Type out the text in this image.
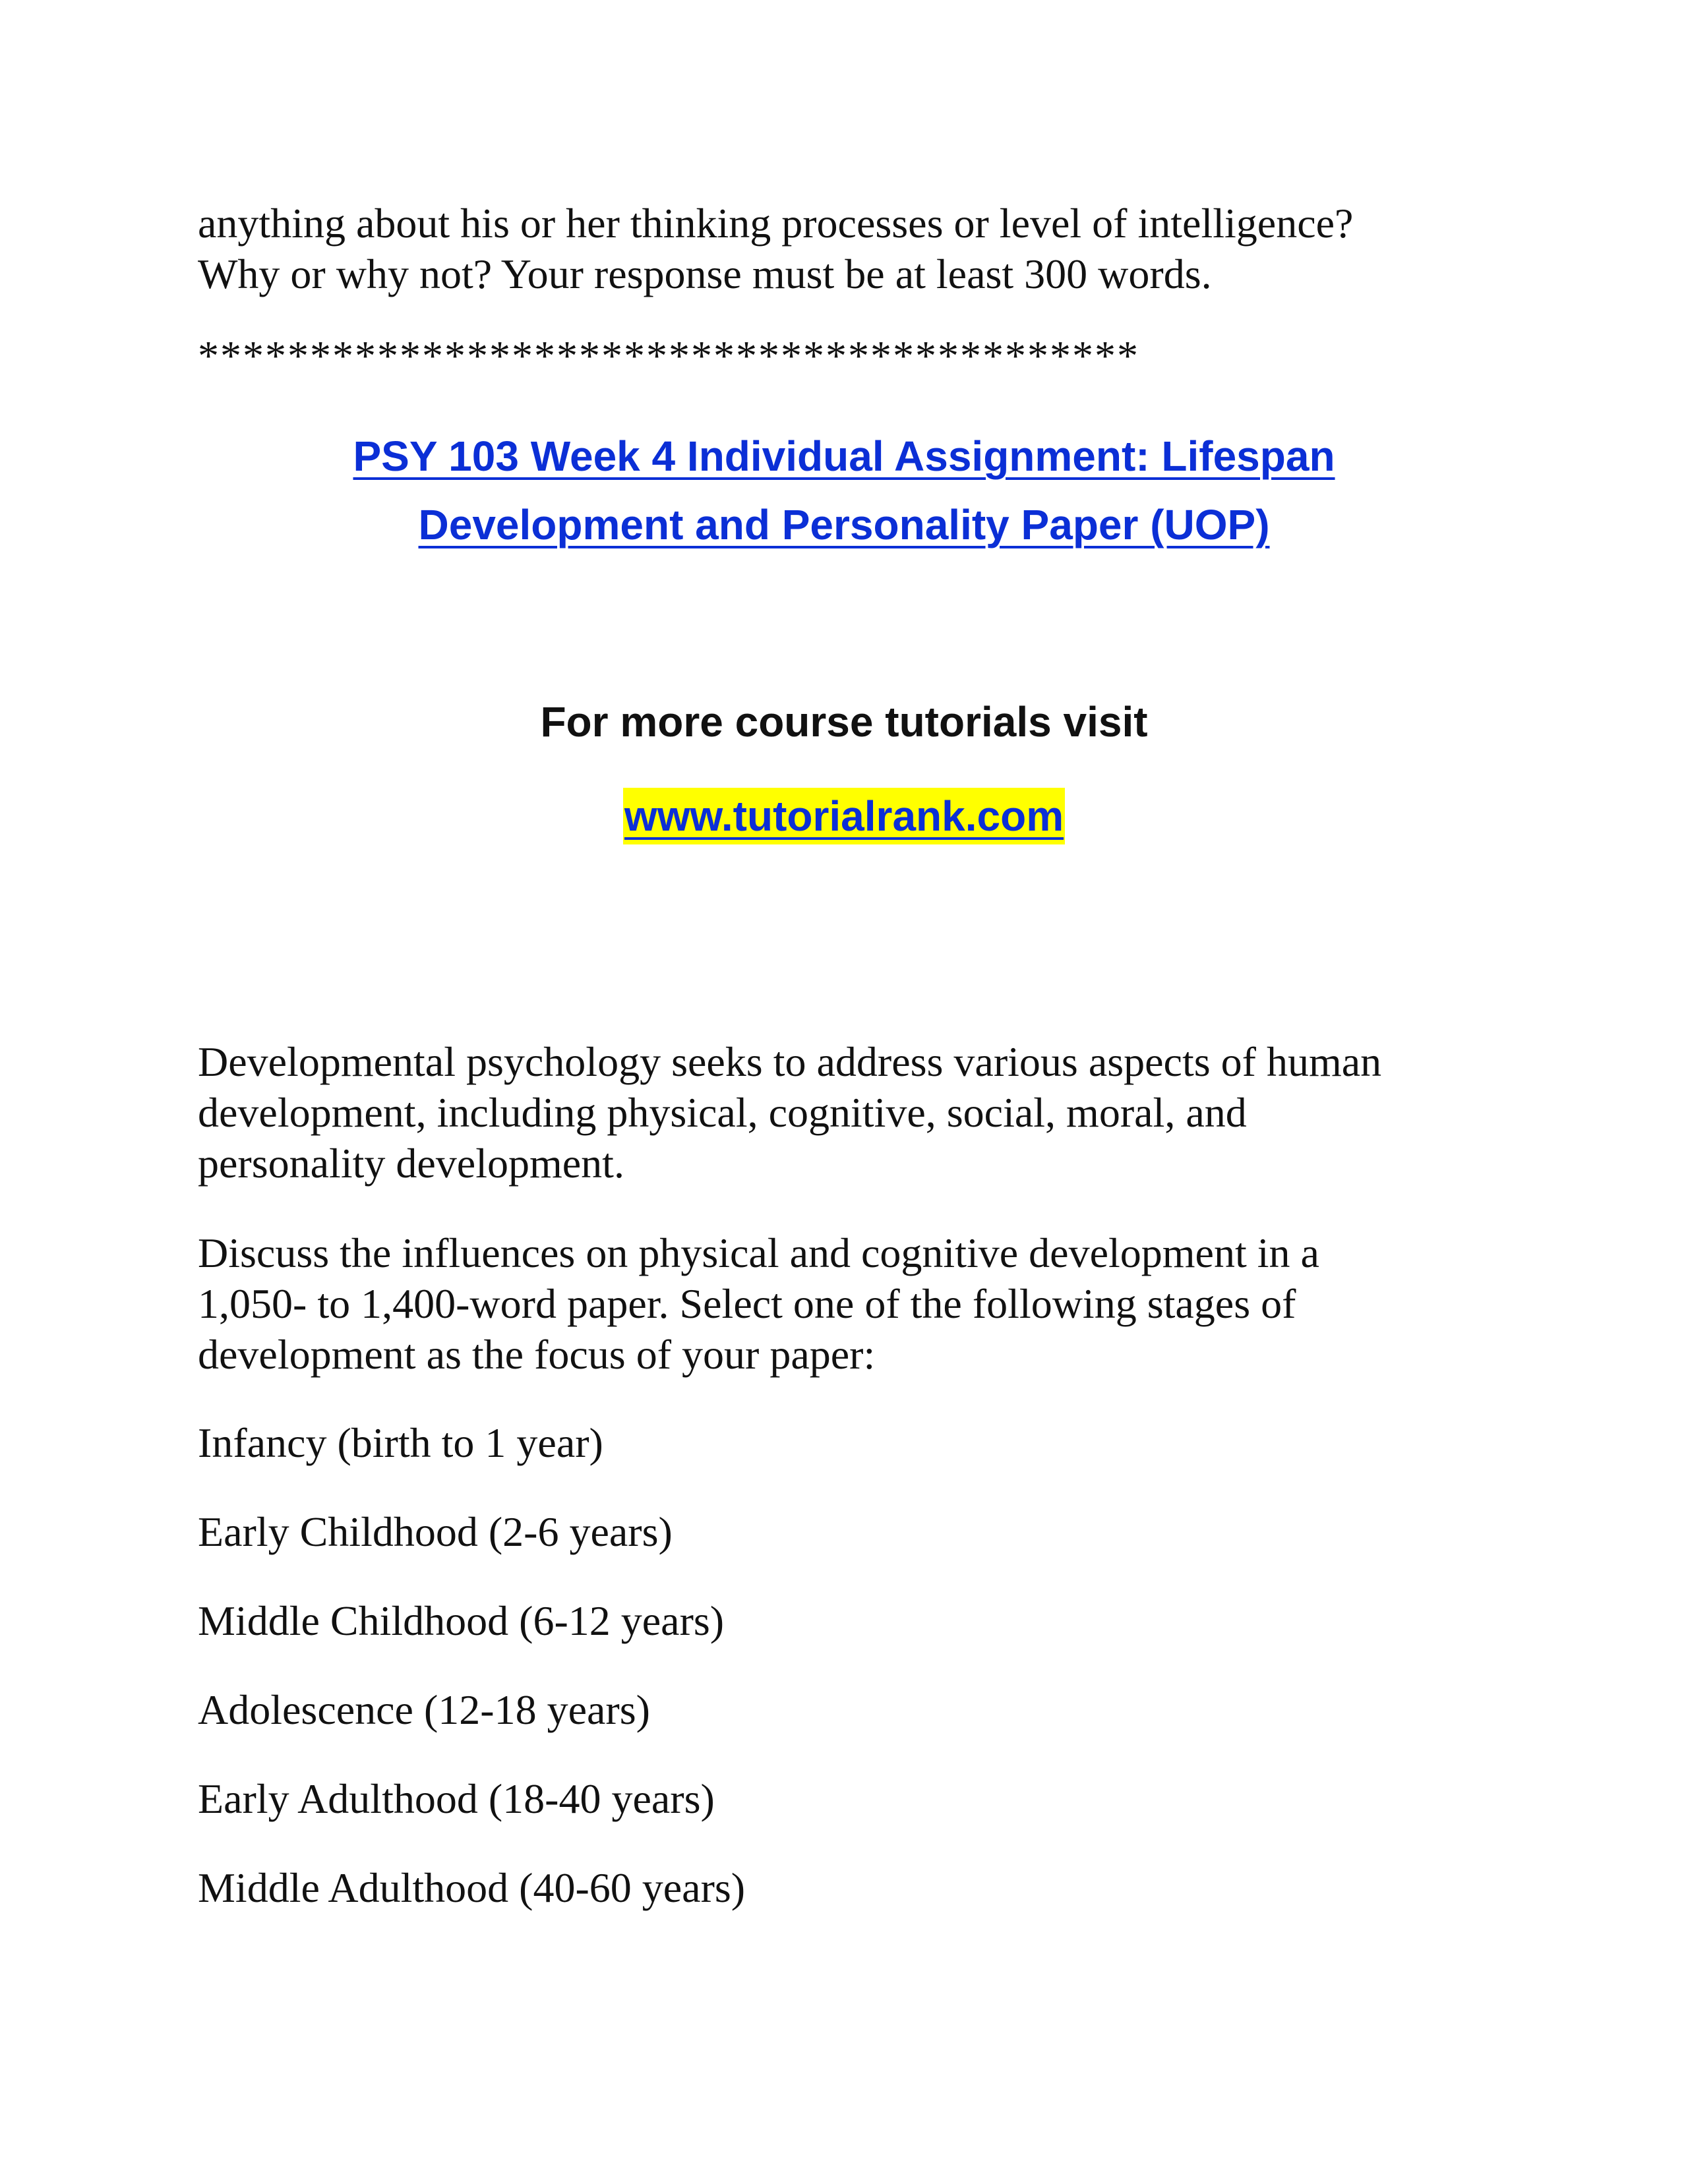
anything about his or her thinking processes or level of intelligence?
Why or why not? Your response must be at least 300 words.
******************************************
PSY 103 Week 4 Individual Assignment: Lifespan
Development and Personality Paper (UOP)
For more course tutorials visit
www.tutorialrank.com
Developmental psychology seeks to address various aspects of human
development, including physical, cognitive, social, moral, and
personality development.
Discuss the influences on physical and cognitive development in a
1,050- to 1,400-word paper. Select one of the following stages of
development as the focus of your paper:
Infancy (birth to 1 year)
Early Childhood (2-6 years)
Middle Childhood (6-12 years)
Adolescence (12-18 years)
Early Adulthood (18-40 years)
Middle Adulthood (40-60 years)
